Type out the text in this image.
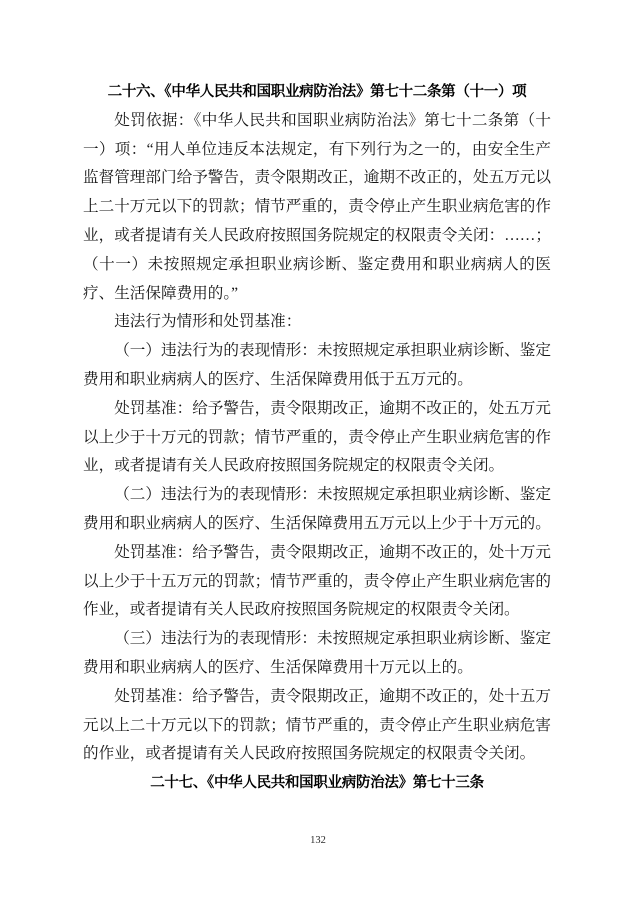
二十六、《中华人民共和国职业病防治法》第七十二条第（十一）项

处罚依据：《中华人民共和国职业病防治法》第七十二条第（十一）项：“用人单位违反本法规定，有下列行为之一的，由安全生产监督管理部门给予警告，责令限期改正，逾期不改正的，处五万元以上二十万元以下的罚款；情节严重的，责令停止产生职业病危害的作业，或者提请有关人民政府按照国务院规定的权限责令关闭：……；（十一）未按照规定承担职业病诊断、鉴定费用和职业病病人的医疗、生活保障费用的。”

违法行为情形和处罚基准：

（一）违法行为的表现情形：未按照规定承担职业病诊断、鉴定费用和职业病病人的医疗、生活保障费用低于五万元的。

处罚基准：给予警告，责令限期改正，逾期不改正的，处五万元以上少于十万元的罚款；情节严重的，责令停止产生职业病危害的作业，或者提请有关人民政府按照国务院规定的权限责令关闭。

（二）违法行为的表现情形：未按照规定承担职业病诊断、鉴定费用和职业病病人的医疗、生活保障费用五万元以上少于十万元的。

处罚基准：给予警告，责令限期改正，逾期不改正的，处十万元以上少于十五万元的罚款；情节严重的，责令停止产生职业病危害的作业，或者提请有关人民政府按照国务院规定的权限责令关闭。

（三）违法行为的表现情形：未按照规定承担职业病诊断、鉴定费用和职业病病人的医疗、生活保障费用十万元以上的。

处罚基准：给予警告，责令限期改正，逾期不改正的，处十五万元以上二十万元以下的罚款；情节严重的，责令停止产生职业病危害的作业，或者提请有关人民政府按照国务院规定的权限责令关闭。

二十七、《中华人民共和国职业病防治法》第七十三条
132
